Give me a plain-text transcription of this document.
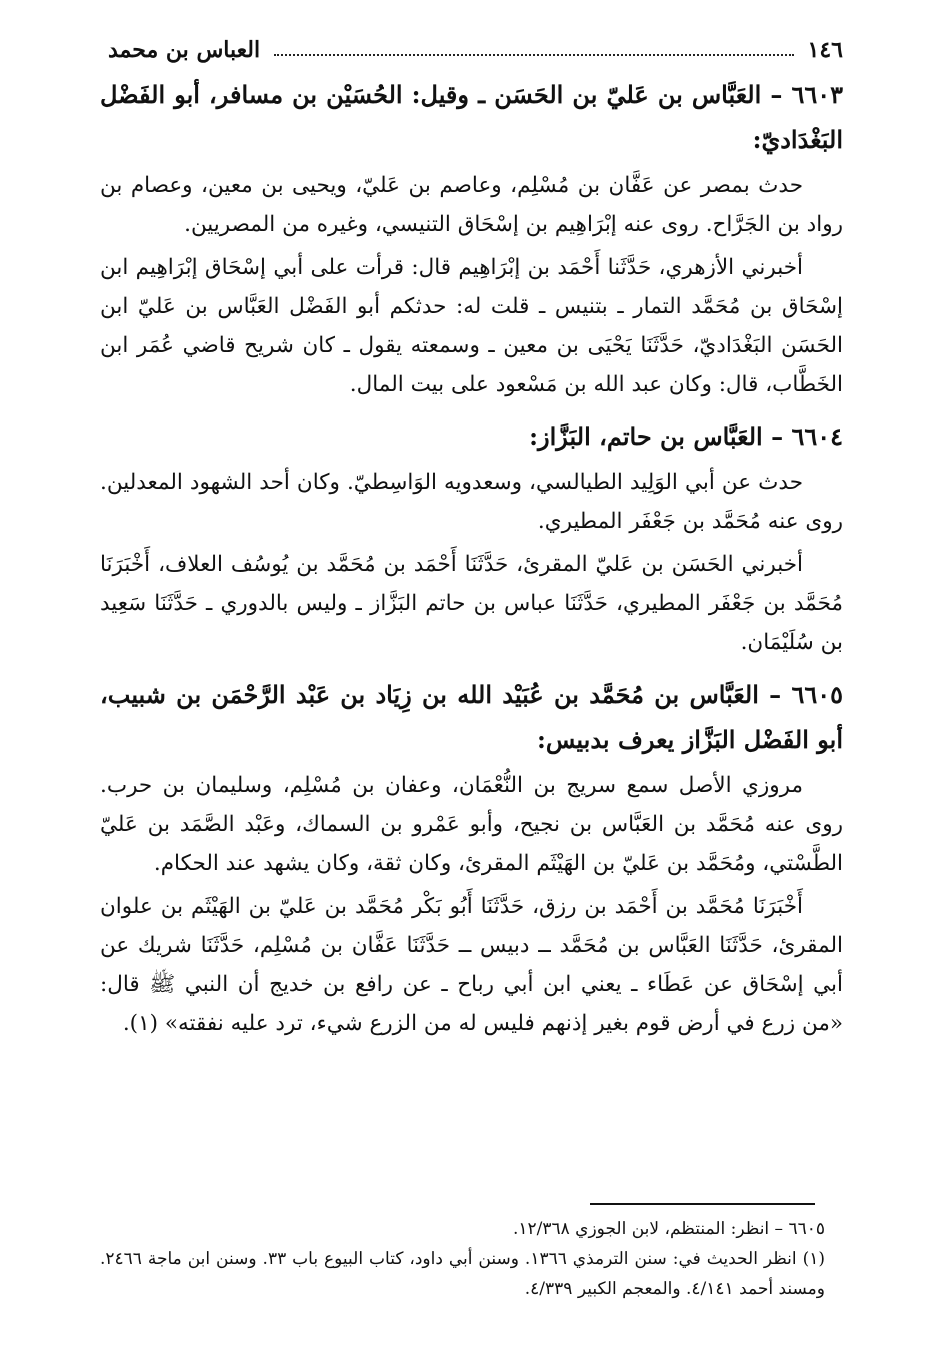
١٤٦
العباس بن محمد
٦٦٠٣ – العَبَّاس بن عَليّ بن الحَسَن ـ وقيل: الحُسَيْن بن مسافر، أبو الفَضْل البَغْدَاديّ:

حدث بمصر عن عَفَّان بن مُسْلِم، وعاصم بن عَليّ، ويحيى بن معين، وعصام بن رواد بن الجَرَّاح. روى عنه إبْرَاهِيم بن إسْحَاق التنيسي، وغيره من المصريين.

أخبرني الأزهري، حَدَّثَنا أَحْمَد بن إبْرَاهِيم قال: قرأت على أبي إسْحَاق إبْرَاهِيم ابن إسْحَاق بن مُحَمَّد التمار ـ بتنيس ـ قلت له: حدثكم أبو الفَضْل العَبَّاس بن عَليّ ابن الحَسَن البَغْدَاديّ، حَدَّثَنَا يَحْيَى بن معين ـ وسمعته يقول ـ كان شريح قاضي عُمَر ابن الخَطَّاب، قال: وكان عبد الله بن مَسْعود على بيت المال.

٦٦٠٤ – العَبَّاس بن حاتم، البَزَّاز:

حدث عن أبي الوَلِيد الطيالسي، وسعدويه الوَاسِطيّ. وكان أحد الشهود المعدلين. روى عنه مُحَمَّد بن جَعْفَر المطيري.

أخبرني الحَسَن بن عَليّ المقرئ، حَدَّثَنَا أَحْمَد بن مُحَمَّد بن يُوسُف العلاف، أَخْبَرَنَا مُحَمَّد بن جَعْفَر المطيري، حَدَّثَنَا عباس بن حاتم البَزَّاز ـ وليس بالدوري ـ حَدَّثَنَا سَعِيد بن سُلَيْمَان.

٦٦٠٥ – العَبَّاس بن مُحَمَّد بن عُبَيْد الله بن زِيَاد بن عَبْد الرَّحْمَن بن شبيب، أبو الفَضْل البَزَّاز يعرف بدبيس:

مروزي الأصل سمع سريج بن النُّعْمَان، وعفان بن مُسْلِم، وسليمان بن حرب. روى عنه مُحَمَّد بن العَبَّاس بن نجيح، وأبو عَمْرو بن السماك، وعَبْد الصَّمَد بن عَليّ الطَّسْتي، ومُحَمَّد بن عَليّ بن الهَيْثَم المقرئ، وكان ثقة، وكان يشهد عند الحكام.

أَخْبَرَنَا مُحَمَّد بن أَحْمَد بن رزق، حَدَّثَنَا أَبُو بَكْر مُحَمَّد بن عَليّ بن الهَيْثَم بن علوان المقرئ، حَدَّثَنَا العَبَّاس بن مُحَمَّد ــ دبيس ــ حَدَّثَنَا عَفَّان بن مُسْلِم، حَدَّثَنَا شريك عن أبي إسْحَاق عن عَطَاء ـ يعني ابن أبي رباح ـ عن رافع بن خديج أن النبي ﷺ قال: «من زرع في أرض قوم بغير إذنهم فليس له من الزرع شيء، ترد عليه نفقته» (١).

٦٦٠٥ – انظر: المنتظم، لابن الجوزي ١٢/٣٦٨.

(١) انظر الحديث في: سنن الترمذي ١٣٦٦. وسنن أبي داود، كتاب البيوع باب ٣٣. وسنن ابن ماجة ٢٤٦٦. ومسند أحمد ٤/١٤١. والمعجم الكبير ٤/٣٣٩.
